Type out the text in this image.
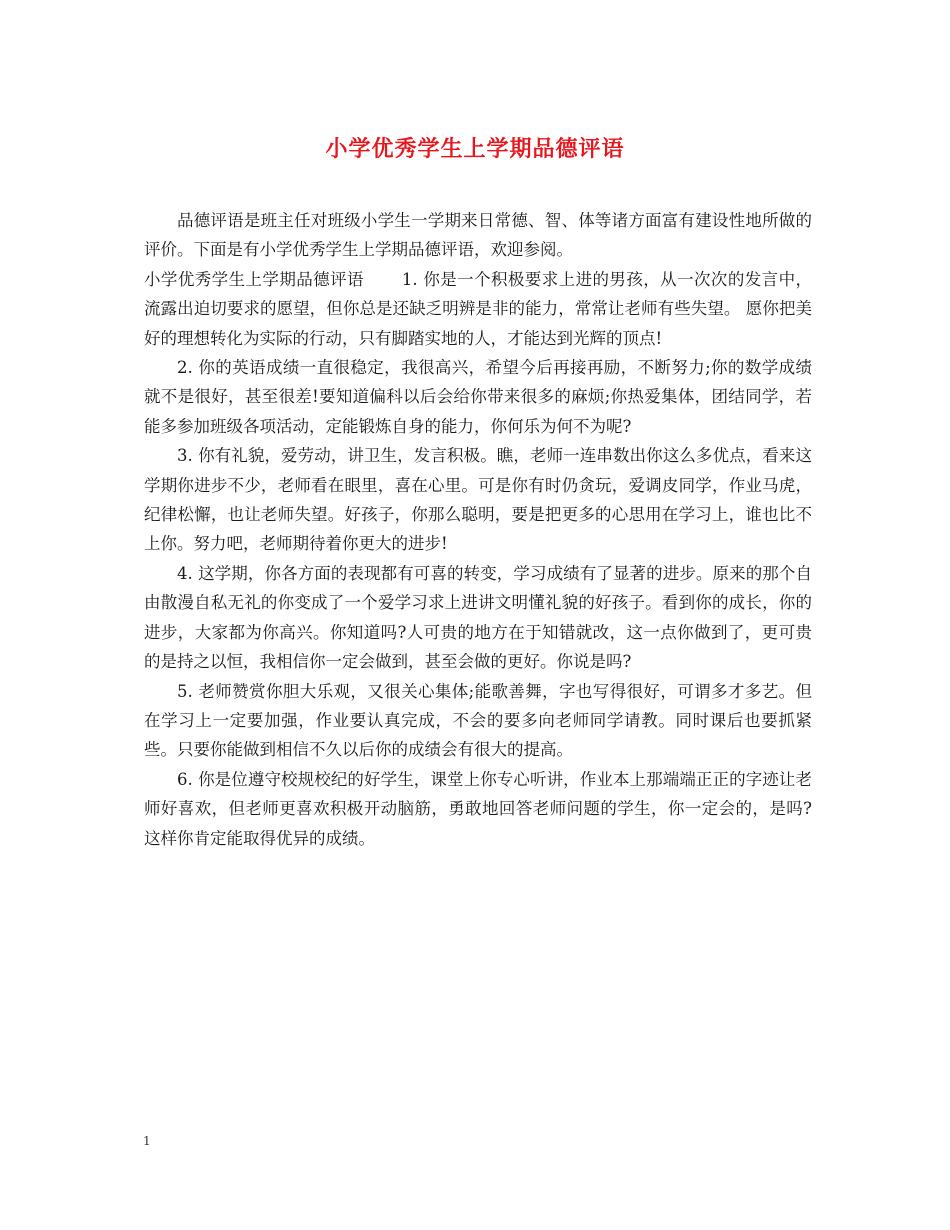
小学优秀学生上学期品德评语

品德评语是班主任对班级小学生一学期来日常德、智、体等诸方面富有建设性地所做的评价。下面是有小学优秀学生上学期品德评语，欢迎参阅。

小学优秀学生上学期品德评语 1. 你是一个积极要求上进的男孩，从一次次的发言中，流露出迫切要求的愿望，但你总是还缺乏明辨是非的能力，常常让老师有些失望。 愿你把美好的理想转化为实际的行动，只有脚踏实地的人，才能达到光辉的顶点!

2. 你的英语成绩一直很稳定，我很高兴，希望今后再接再励，不断努力;你的数学成绩就不是很好，甚至很差!要知道偏科以后会给你带来很多的麻烦;你热爱集体，团结同学，若能多参加班级各项活动，定能锻炼自身的能力，你何乐为何不为呢?

3. 你有礼貌，爱劳动，讲卫生，发言积极。瞧，老师一连串数出你这么多优点，看来这学期你进步不少，老师看在眼里，喜在心里。可是你有时仍贪玩，爱调皮同学，作业马虎，纪律松懈，也让老师失望。好孩子，你那么聪明，要是把更多的心思用在学习上，谁也比不上你。努力吧，老师期待着你更大的进步!

4. 这学期，你各方面的表现都有可喜的转变，学习成绩有了显著的进步。原来的那个自由散漫自私无礼的你变成了一个爱学习求上进讲文明懂礼貌的好孩子。看到你的成长，你的进步，大家都为你高兴。你知道吗?人可贵的地方在于知错就改，这一点你做到了，更可贵的是持之以恒，我相信你一定会做到，甚至会做的更好。你说是吗?

5. 老师赞赏你胆大乐观，又很关心集体;能歌善舞，字也写得很好，可谓多才多艺。但在学习上一定要加强，作业要认真完成，不会的要多向老师同学请教。同时课后也要抓紧些。只要你能做到相信不久以后你的成绩会有很大的提高。

6. 你是位遵守校规校纪的好学生，课堂上你专心听讲，作业本上那端端正正的字迹让老师好喜欢，但老师更喜欢积极开动脑筋，勇敢地回答老师问题的学生，你一定会的，是吗?这样你肯定能取得优异的成绩。

1
